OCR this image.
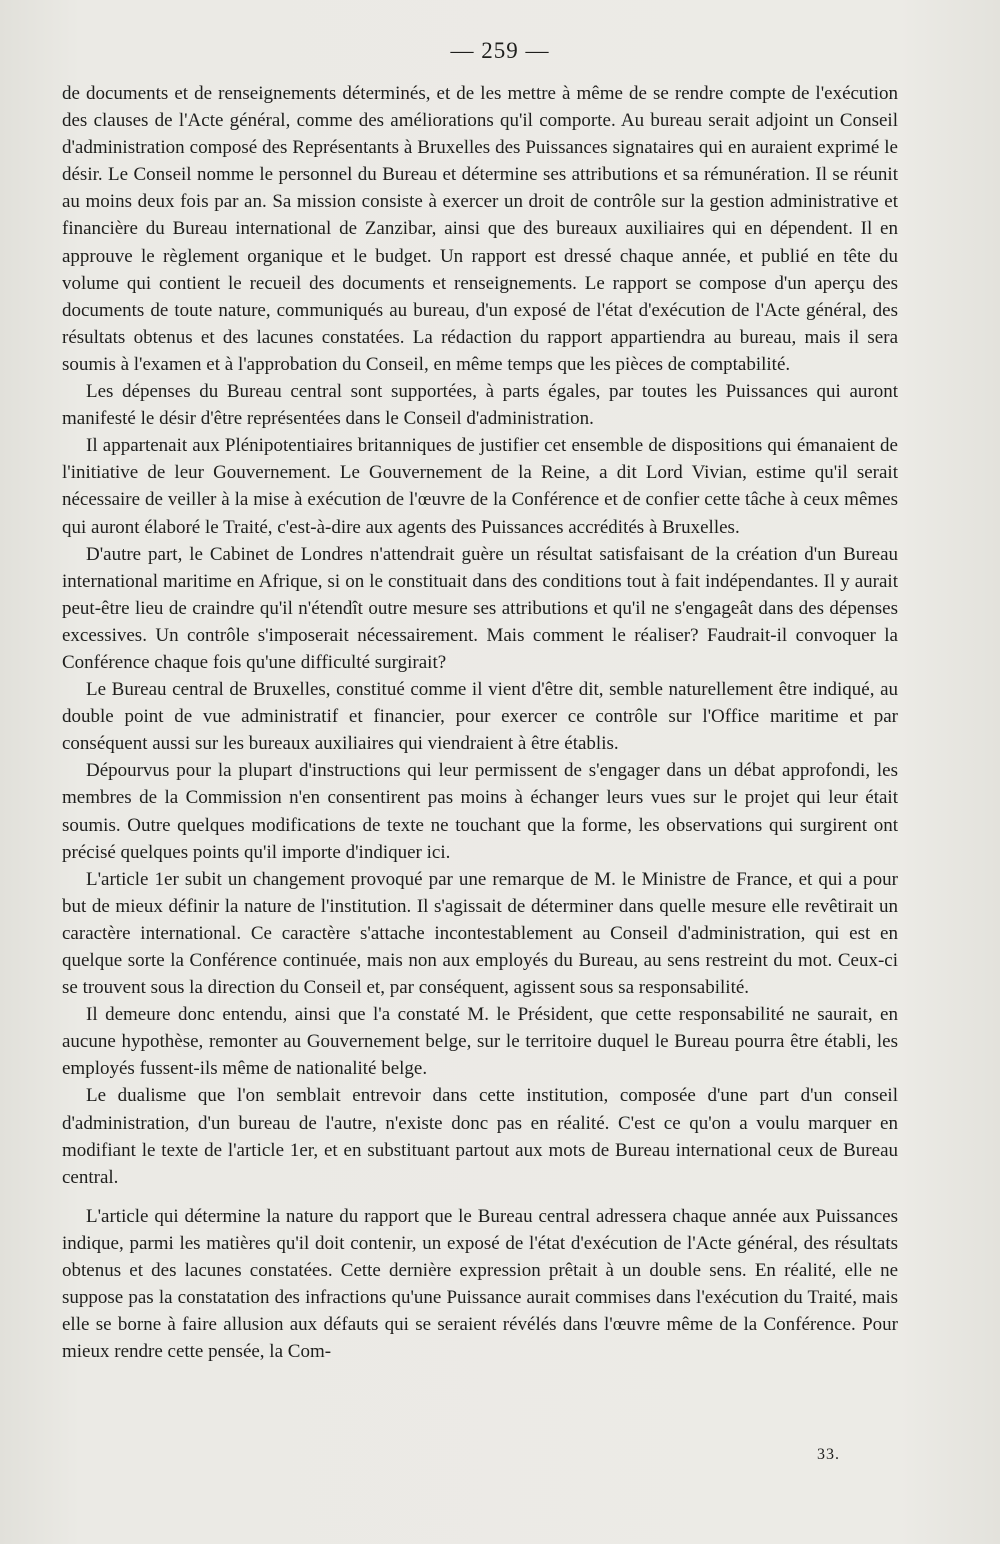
— 259 —

de documents et de renseignements déterminés, et de les mettre à même de se rendre compte de l'exécution des clauses de l'Acte général, comme des améliorations qu'il comporte. Au bureau serait adjoint un Conseil d'administration composé des Représentants à Bruxelles des Puissances signataires qui en auraient exprimé le désir. Le Conseil nomme le personnel du Bureau et détermine ses attributions et sa rémunération. Il se réunit au moins deux fois par an. Sa mission consiste à exercer un droit de contrôle sur la gestion administrative et financière du Bureau international de Zanzibar, ainsi que des bureaux auxiliaires qui en dépendent. Il en approuve le règlement organique et le budget. Un rapport est dressé chaque année, et publié en tête du volume qui contient le recueil des documents et renseignements. Le rapport se compose d'un aperçu des documents de toute nature, communiqués au bureau, d'un exposé de l'état d'exécution de l'Acte général, des résultats obtenus et des lacunes constatées. La rédaction du rapport appartiendra au bureau, mais il sera soumis à l'examen et à l'approbation du Conseil, en même temps que les pièces de comptabilité.

Les dépenses du Bureau central sont supportées, à parts égales, par toutes les Puissances qui auront manifesté le désir d'être représentées dans le Conseil d'administration.

Il appartenait aux Plénipotentiaires britanniques de justifier cet ensemble de dispositions qui émanaient de l'initiative de leur Gouvernement. Le Gouvernement de la Reine, a dit Lord Vivian, estime qu'il serait nécessaire de veiller à la mise à exécution de l'œuvre de la Conférence et de confier cette tâche à ceux mêmes qui auront élaboré le Traité, c'est-à-dire aux agents des Puissances accrédités à Bruxelles.

D'autre part, le Cabinet de Londres n'attendrait guère un résultat satisfaisant de la création d'un Bureau international maritime en Afrique, si on le constituait dans des conditions tout à fait indépendantes. Il y aurait peut-être lieu de craindre qu'il n'étendît outre mesure ses attributions et qu'il ne s'engageât dans des dépenses excessives. Un contrôle s'imposerait nécessairement. Mais comment le réaliser? Faudrait-il convoquer la Conférence chaque fois qu'une difficulté surgirait?

Le Bureau central de Bruxelles, constitué comme il vient d'être dit, semble naturellement être indiqué, au double point de vue administratif et financier, pour exercer ce contrôle sur l'Office maritime et par conséquent aussi sur les bureaux auxiliaires qui viendraient à être établis.

Dépourvus pour la plupart d'instructions qui leur permissent de s'engager dans un débat approfondi, les membres de la Commission n'en consentirent pas moins à échanger leurs vues sur le projet qui leur était soumis. Outre quelques modifications de texte ne touchant que la forme, les observations qui surgirent ont précisé quelques points qu'il importe d'indiquer ici.

L'article 1er subit un changement provoqué par une remarque de M. le Ministre de France, et qui a pour but de mieux définir la nature de l'institution. Il s'agissait de déterminer dans quelle mesure elle revêtirait un caractère international. Ce caractère s'attache incontestablement au Conseil d'administration, qui est en quelque sorte la Conférence continuée, mais non aux employés du Bureau, au sens restreint du mot. Ceux-ci se trouvent sous la direction du Conseil et, par conséquent, agissent sous sa responsabilité.

Il demeure donc entendu, ainsi que l'a constaté M. le Président, que cette responsabilité ne saurait, en aucune hypothèse, remonter au Gouvernement belge, sur le territoire duquel le Bureau pourra être établi, les employés fussent-ils même de nationalité belge.

Le dualisme que l'on semblait entrevoir dans cette institution, composée d'une part d'un conseil d'administration, d'un bureau de l'autre, n'existe donc pas en réalité. C'est ce qu'on a voulu marquer en modifiant le texte de l'article 1er, et en substituant partout aux mots de Bureau international ceux de Bureau central.

L'article qui détermine la nature du rapport que le Bureau central adressera chaque année aux Puissances indique, parmi les matières qu'il doit contenir, un exposé de l'état d'exécution de l'Acte général, des résultats obtenus et des lacunes constatées. Cette dernière expression prêtait à un double sens. En réalité, elle ne suppose pas la constatation des infractions qu'une Puissance aurait commises dans l'exécution du Traité, mais elle se borne à faire allusion aux défauts qui se seraient révélés dans l'œuvre même de la Conférence. Pour mieux rendre cette pensée, la Com-

33.
